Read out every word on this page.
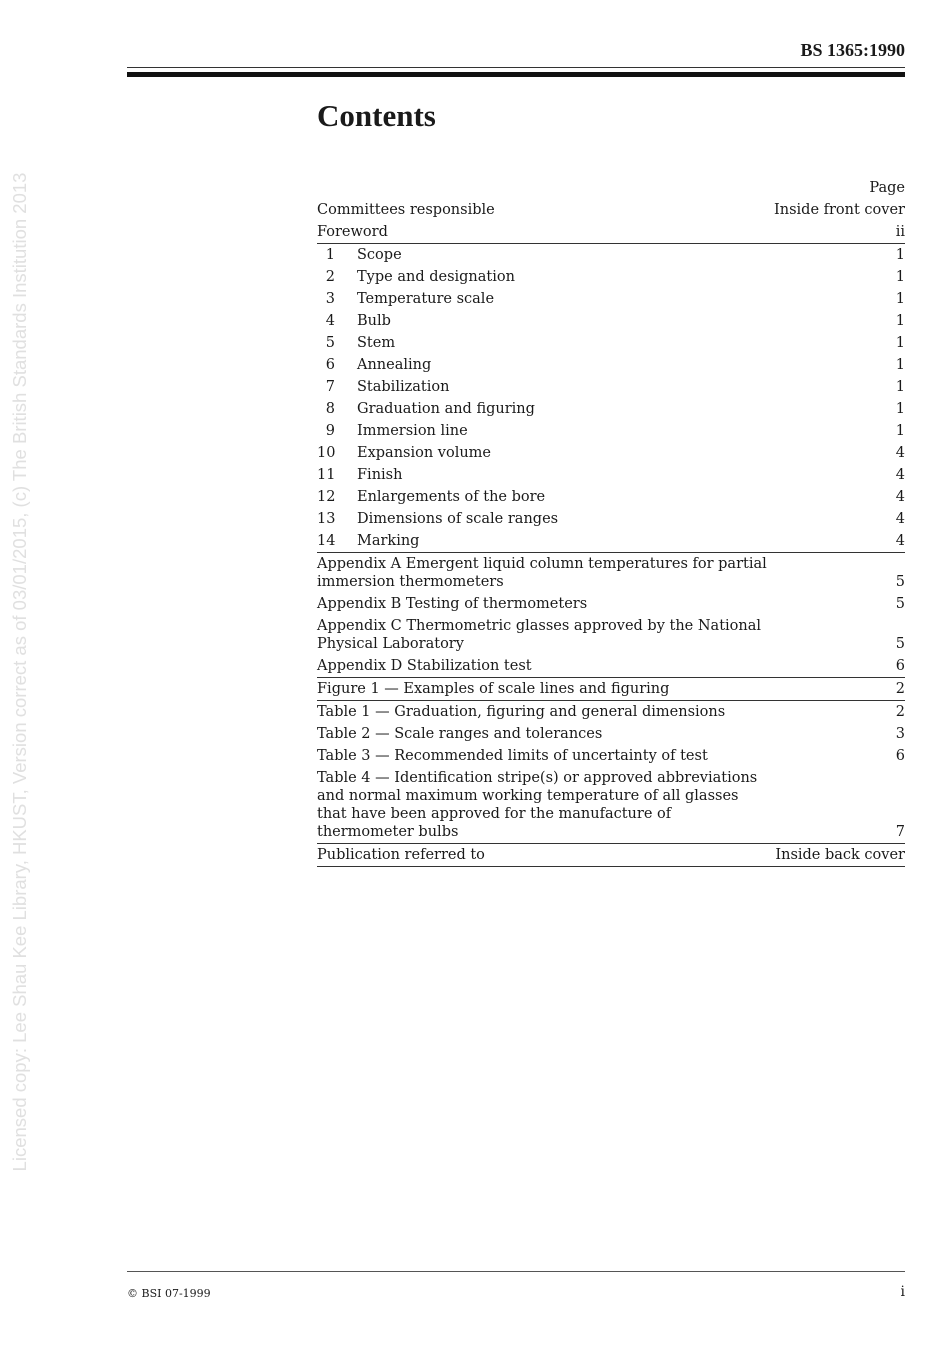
BS 1365:1990
Licensed copy: Lee Shau Kee Library, HKUST, Version correct as of 03/01/2015, (c) The British Standards Institution 2013
Contents
Page
Committees responsible	Inside front cover
Foreword	ii
1 Scope	1
2 Type and designation	1
3 Temperature scale	1
4 Bulb	1
5 Stem	1
6 Annealing	1
7 Stabilization	1
8 Graduation and figuring	1
9 Immersion line	1
10 Expansion volume	4
11 Finish	4
12 Enlargements of the bore	4
13 Dimensions of scale ranges	4
14 Marking	4
Appendix A Emergent liquid column temperatures for partial immersion thermometers	5
Appendix B Testing of thermometers	5
Appendix C Thermometric glasses approved by the National Physical Laboratory	5
Appendix D Stabilization test	6
Figure 1 — Examples of scale lines and figuring	2
Table 1 — Graduation, figuring and general dimensions	2
Table 2 — Scale ranges and tolerances	3
Table 3 — Recommended limits of uncertainty of test	6
Table 4 — Identification stripe(s) or approved abbreviations and normal maximum working temperature of all glasses that have been approved for the manufacture of thermometer bulbs	7
Publication referred to	Inside back cover
© BSI 07-1999	i
